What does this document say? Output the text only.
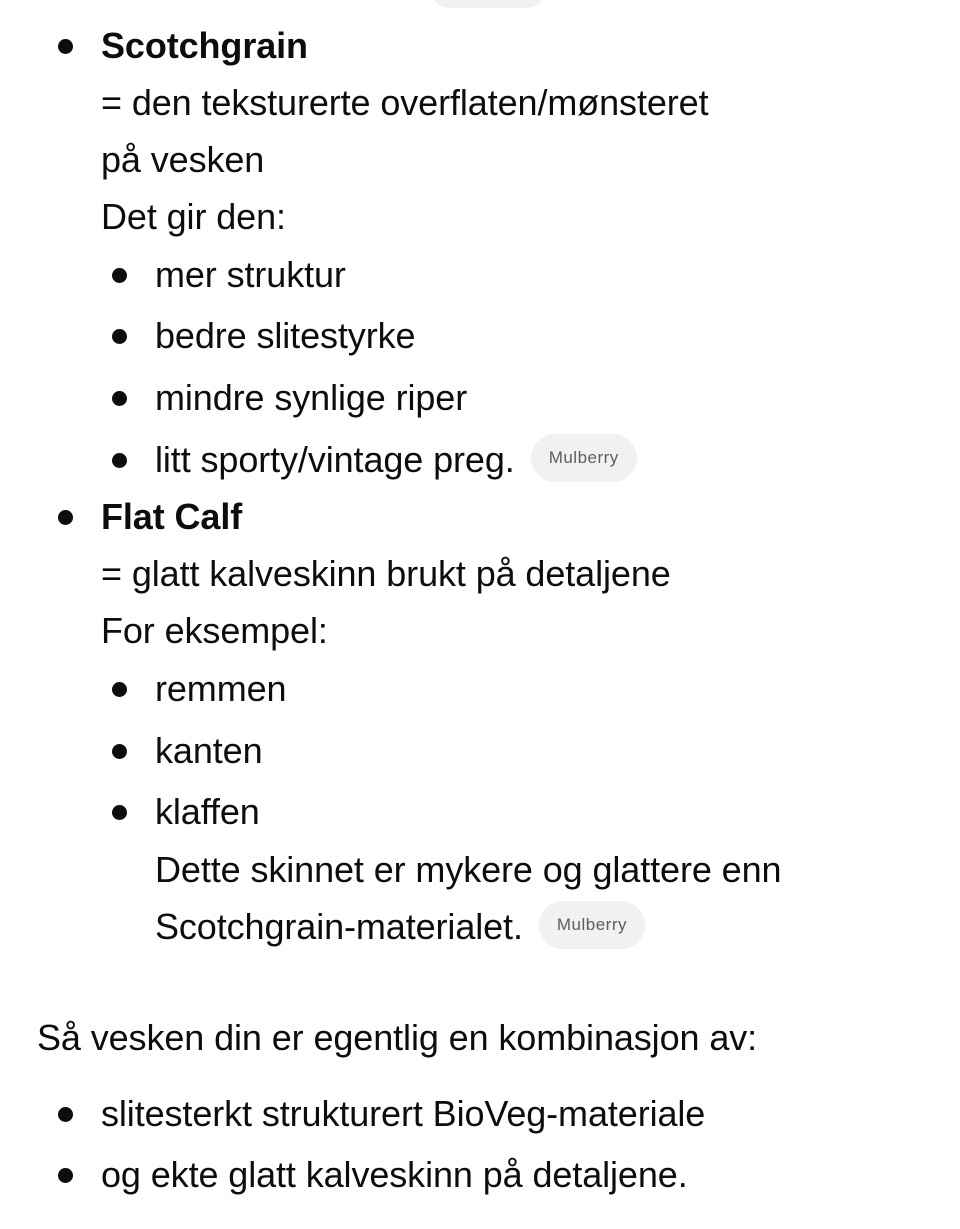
Scotchgrain
= den teksturerte overflaten/mønsteret
på vesken
Det gir den:
mer struktur
bedre slitestyrke
mindre synlige riper
litt sporty/vintage preg. Mulberry
Flat Calf
= glatt kalveskinn brukt på detaljene
For eksempel:
remmen
kanten
klaffen
Dette skinnet er mykere og glattere enn
Scotchgrain-materialet. Mulberry
Så vesken din er egentlig en kombinasjon av:
slitesterkt strukturert BioVeg-materiale
og ekte glatt kalveskinn på detaljene.
